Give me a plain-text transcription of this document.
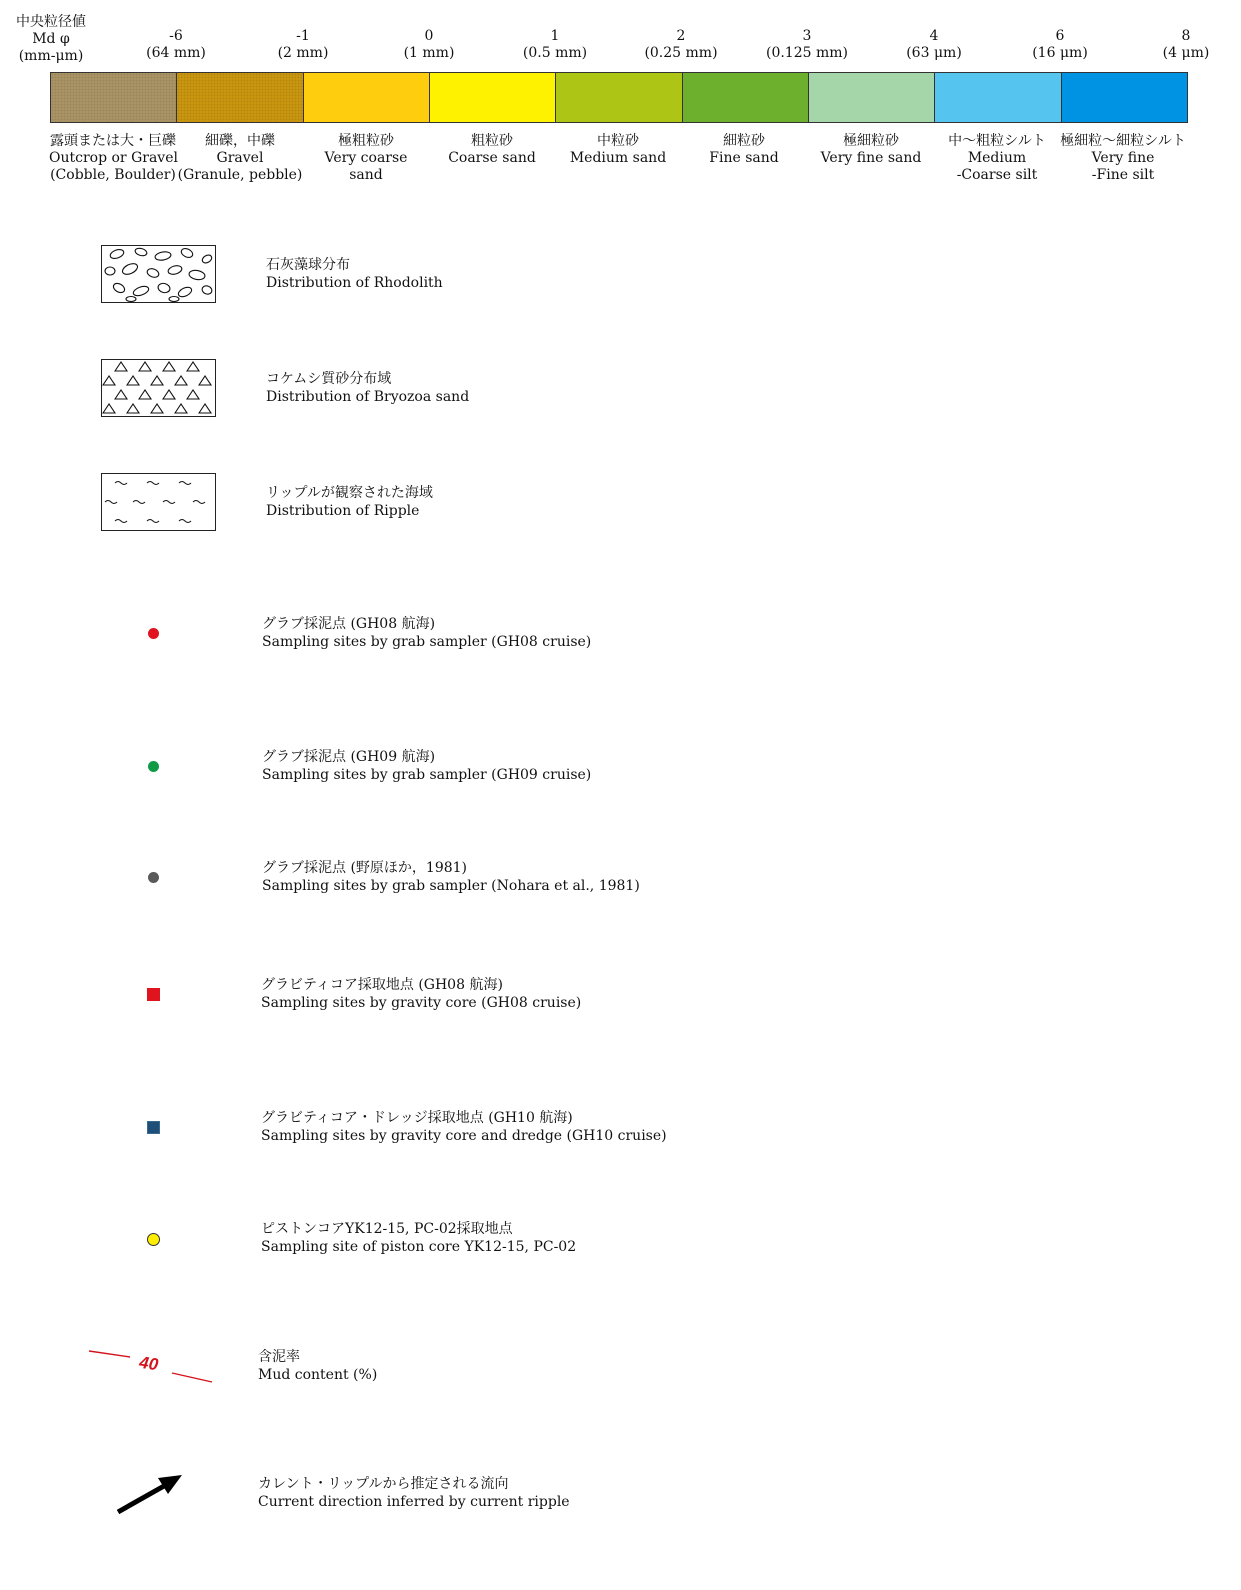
中央粒径値
Md φ
(mm-μm)
-6
(64 mm)
-1
(2 mm)
0
(1 mm)
1
(0.5 mm)
2
(0.25 mm)
3
(0.125 mm)
4
(63 μm)
6
(16 μm)
8
(4 μm)
露頭または大・巨礫
Outcrop or Gravel
(Cobble, Boulder)
細礫，中礫
Gravel
(Granule, pebble)
極粗粒砂
Very coarse
sand
粗粒砂
Coarse sand
中粒砂
Medium sand
細粒砂
Fine sand
極細粒砂
Very fine sand
中〜粗粒シルト
Medium
-Coarse silt
極細粒〜細粒シルト
Very fine
-Fine silt
石灰藻球分布
Distribution of Rhodolith
コケムシ質砂分布域
Distribution of Bryozoa sand
リップルが観察された海域
Distribution of Ripple
グラブ採泥点 (GH08 航海)
Sampling sites by grab sampler (GH08 cruise)
グラブ採泥点 (GH09 航海)
Sampling sites by grab sampler (GH09 cruise)
グラブ採泥点 (野原ほか，1981)
Sampling sites by grab sampler (Nohara et al., 1981)
グラビティコア採取地点 (GH08 航海)
Sampling sites by gravity core (GH08 cruise)
グラビティコア・ドレッジ採取地点 (GH10 航海)
Sampling sites by gravity core and dredge (GH10 cruise)
ピストンコアYK12-15, PC-02採取地点
Sampling site of piston core YK12-15, PC-02
40	含泥率
Mud content (%)
カレント・リップルから推定される流向
Current direction inferred by current ripple
